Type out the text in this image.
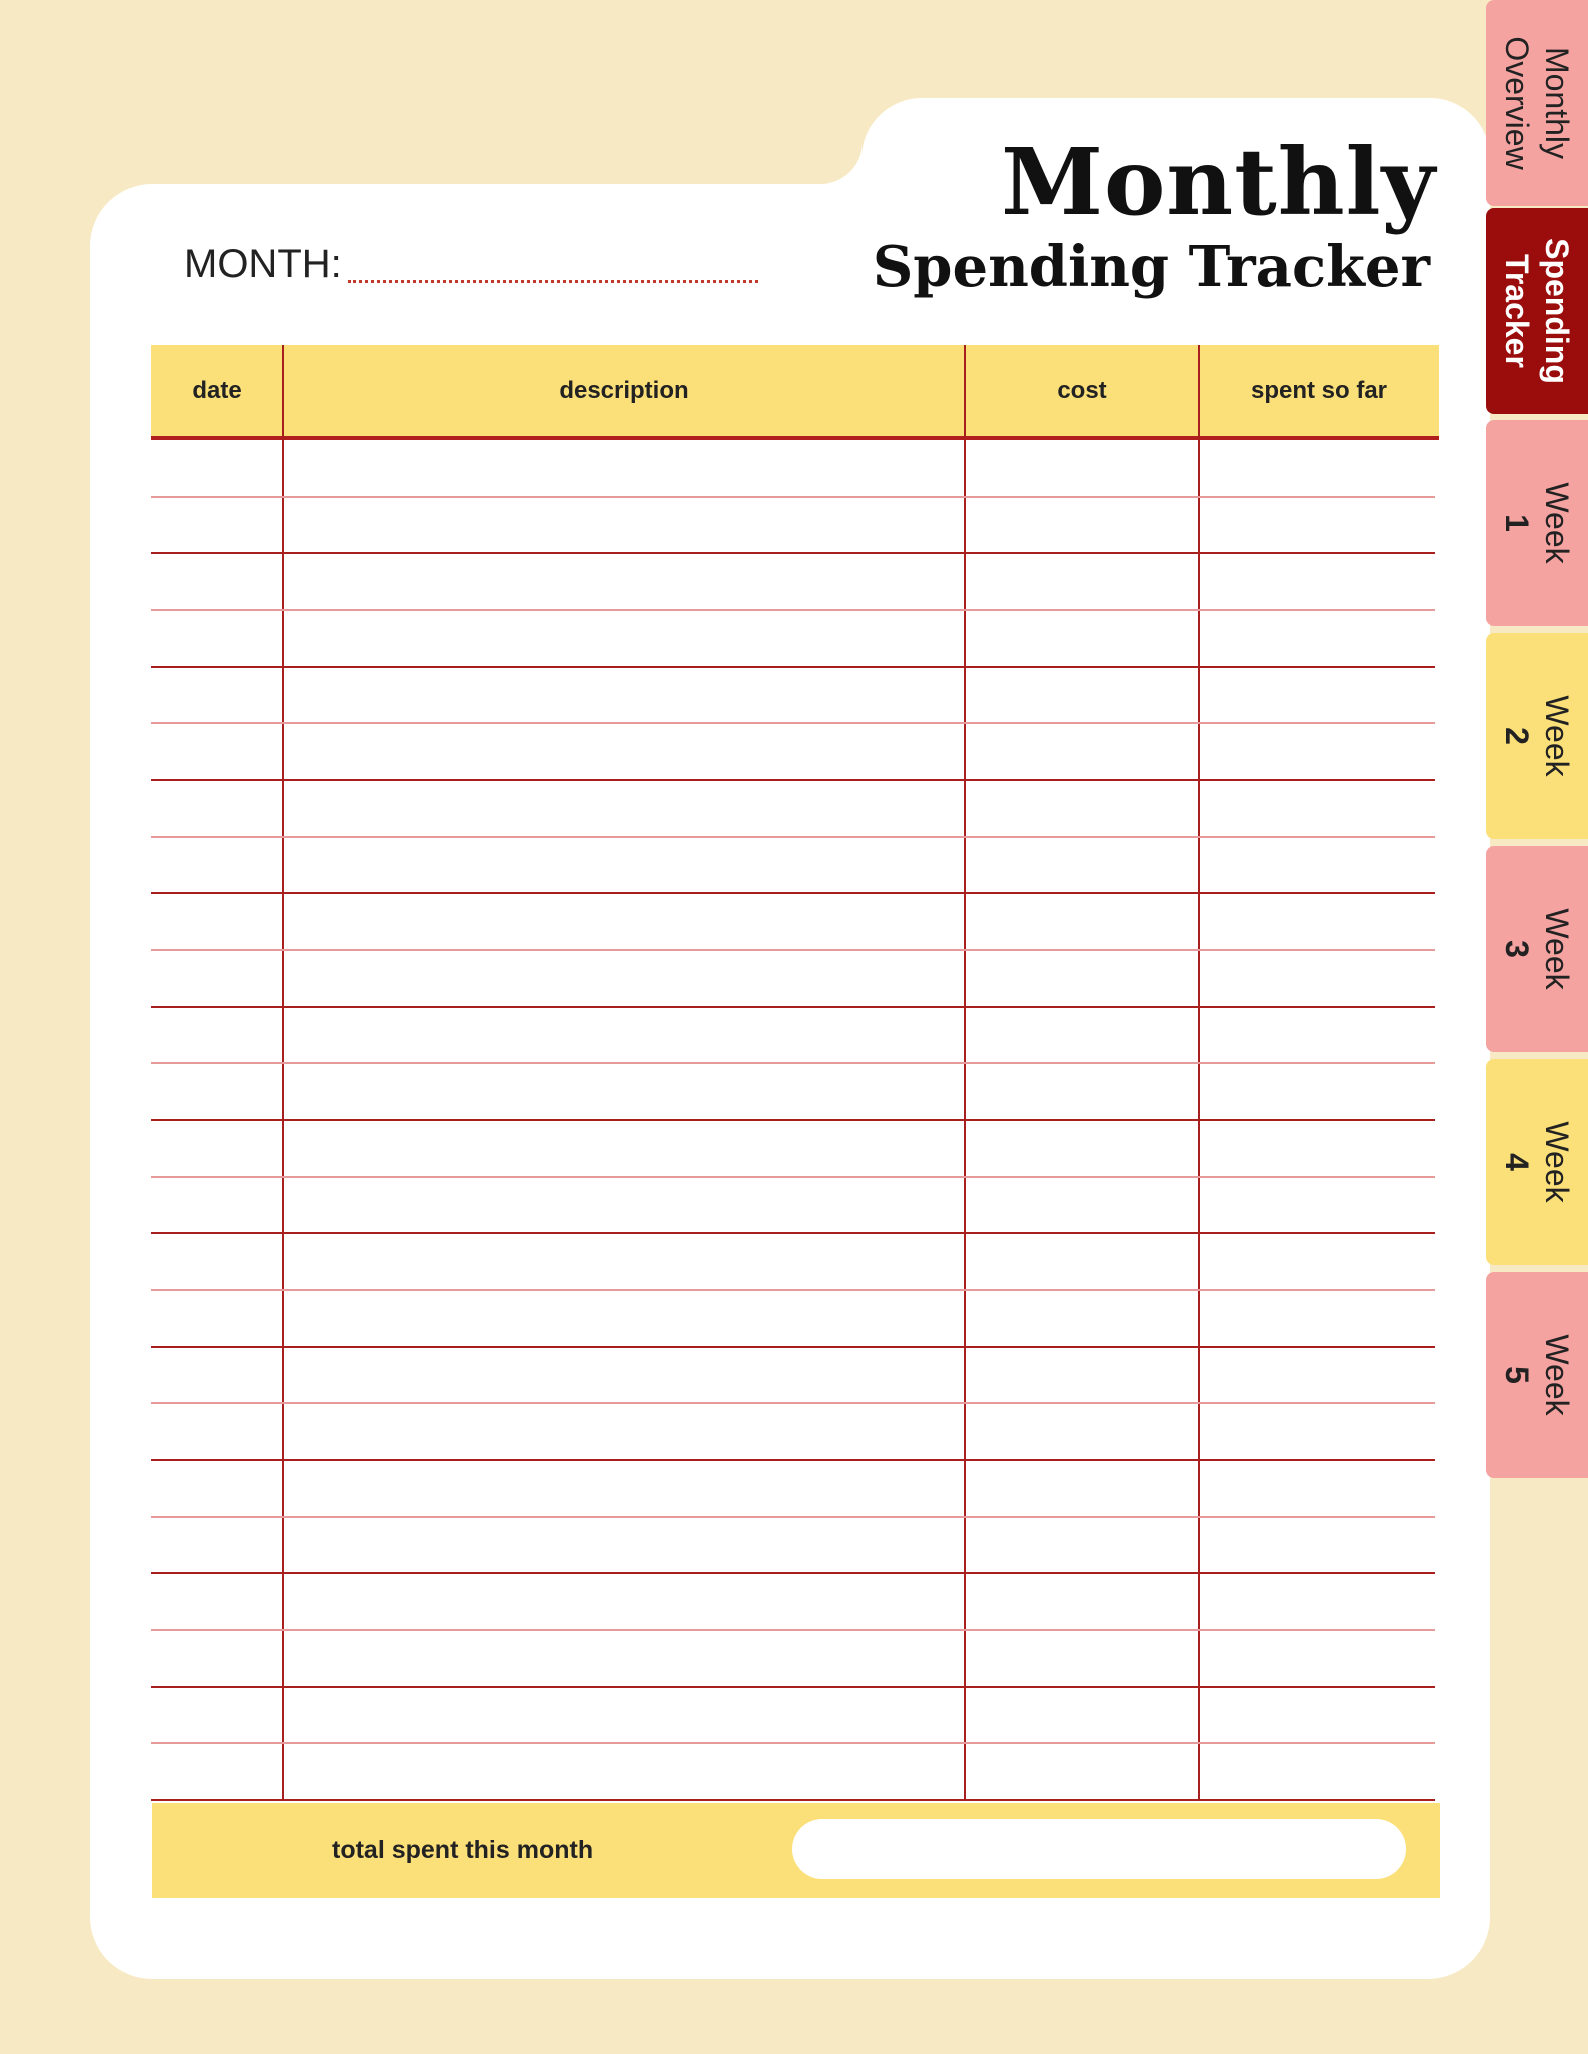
Monthly
Spending Tracker
MONTH:
date	description	cost	spent so far
total spent this month
Monthly
Overview
Spending
Tracker
Week
1
Week
2
Week
3
Week
4
Week
5
